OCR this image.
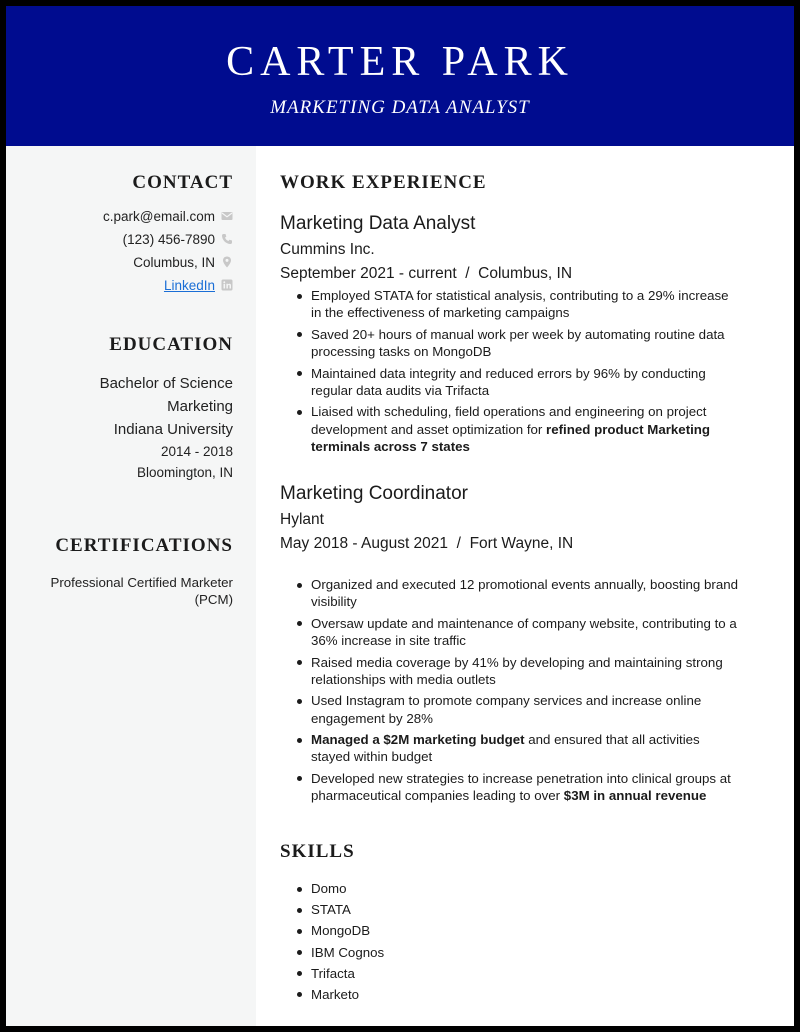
CARTER PARK
MARKETING DATA ANALYST
CONTACT
c.park@email.com
(123) 456-7890
Columbus, IN
LinkedIn
EDUCATION
Bachelor of Science
Marketing
Indiana University
2014 - 2018
Bloomington, IN
CERTIFICATIONS
Professional Certified Marketer
(PCM)
WORK EXPERIENCE
Marketing Data Analyst
Cummins Inc.
September 2021 - current  /  Columbus, IN
Employed STATA for statistical analysis, contributing to a 29% increase in the effectiveness of marketing campaigns
Saved 20+ hours of manual work per week by automating routine data processing tasks on MongoDB
Maintained data integrity and reduced errors by 96% by conducting regular data audits via Trifacta
Liaised with scheduling, field operations and engineering on project development and asset optimization for refined product Marketing terminals across 7 states
Marketing Coordinator
Hylant
May 2018 - August 2021  /  Fort Wayne, IN
Organized and executed 12 promotional events annually, boosting brand visibility
Oversaw update and maintenance of company website, contributing to a 36% increase in site traffic
Raised media coverage by 41% by developing and maintaining strong relationships with media outlets
Used Instagram to promote company services and increase online engagement by 28%
Managed a $2M marketing budget and ensured that all activities stayed within budget
Developed new strategies to increase penetration into clinical groups at pharmaceutical companies leading to over $3M in annual revenue
SKILLS
Domo
STATA
MongoDB
IBM Cognos
Trifacta
Marketo
